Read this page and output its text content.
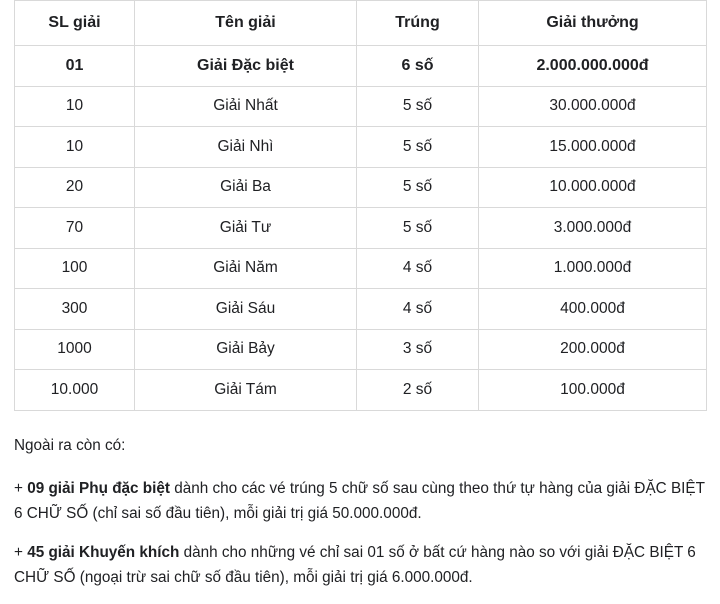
SL giải	Tên giải	Trúng	Giải thưởng
01	Giải Đặc biệt	6 số	2.000.000.000đ
10	Giải Nhất	5 số	30.000.000đ
10	Giải Nhì	5 số	15.000.000đ
20	Giải Ba	5 số	10.000.000đ
70	Giải Tư	5 số	3.000.000đ
100	Giải Năm	4 số	1.000.000đ
300	Giải Sáu	4 số	400.000đ
1000	Giải Bảy	3 số	200.000đ
10.000	Giải Tám	2 số	100.000đ

Ngoài ra còn có:

+ 09 giải Phụ đặc biệt dành cho các vé trúng 5 chữ số sau cùng theo thứ tự hàng của giải ĐẶC BIỆT 6 CHỮ SỐ (chỉ sai số đầu tiên), mỗi giải trị giá 50.000.000đ.

+ 45 giải Khuyến khích dành cho những vé chỉ sai 01 số ở bất cứ hàng nào so với giải ĐẶC BIỆT 6 CHỮ SỐ (ngoại trừ sai chữ số đầu tiên), mỗi giải trị giá 6.000.000đ.
